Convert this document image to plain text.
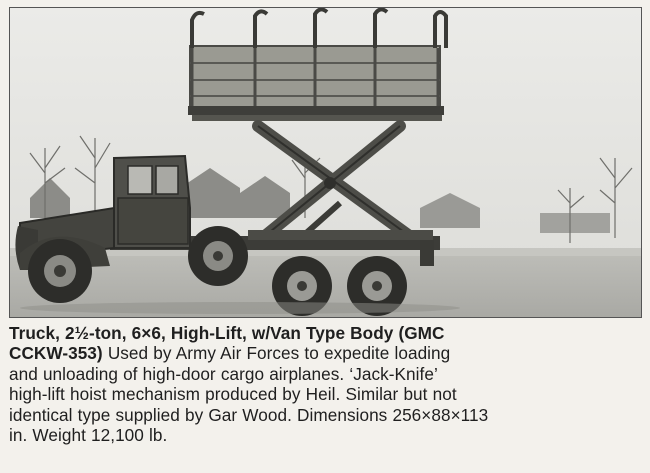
Truck, 2½-ton, 6×6, High-Lift, w/Van Type Body (GMC
CCKW-353) Used by Army Air Forces to expedite loading
and unloading of high-door cargo airplanes. ‘Jack-Knife’
high-lift hoist mechanism produced by Heil. Similar but not
identical type supplied by Gar Wood. Dimensions 256×88×113
in. Weight 12,100 lb.
